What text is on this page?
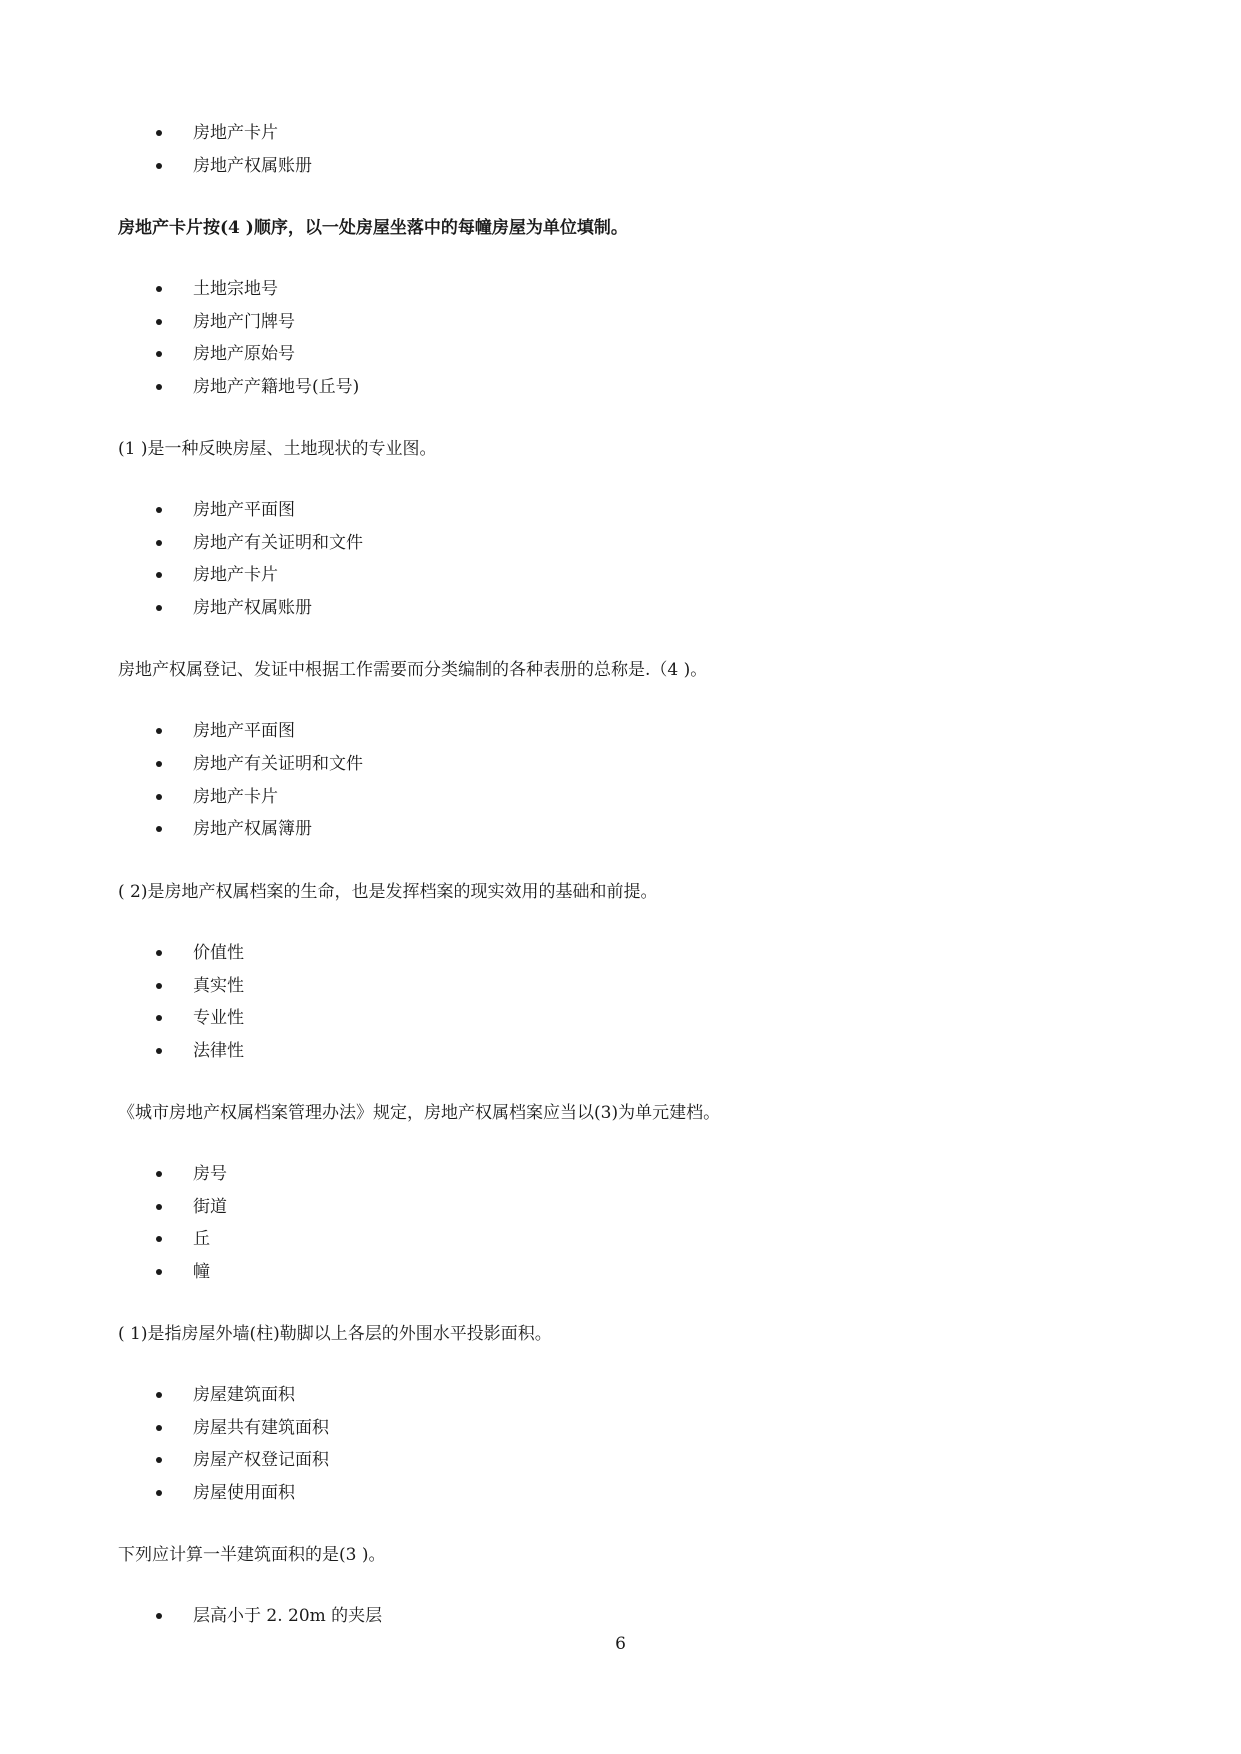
房地产卡片
房地产权属账册
房地产卡片按(4 )顺序，以一处房屋坐落中的每幢房屋为单位填制。
土地宗地号
房地产门牌号
房地产原始号
房地产产籍地号(丘号)
(1 )是一种反映房屋、土地现状的专业图。
房地产平面图
房地产有关证明和文件
房地产卡片
房地产权属账册
房地产权属登记、发证中根据工作需要而分类编制的各种表册的总称是.（4 )。
房地产平面图
房地产有关证明和文件
房地产卡片
房地产权属簿册
( 2)是房地产权属档案的生命，也是发挥档案的现实效用的基础和前提。
价值性
真实性
专业性
法律性
《城市房地产权属档案管理办法》规定，房地产权属档案应当以(3)为单元建档。
房号
街道
丘
幢
( 1)是指房屋外墙(柱)勒脚以上各层的外围水平投影面积。
房屋建筑面积
房屋共有建筑面积
房屋产权登记面积
房屋使用面积
下列应计算一半建筑面积的是(3 )。
层高小于 2. 20m 的夹层
6
